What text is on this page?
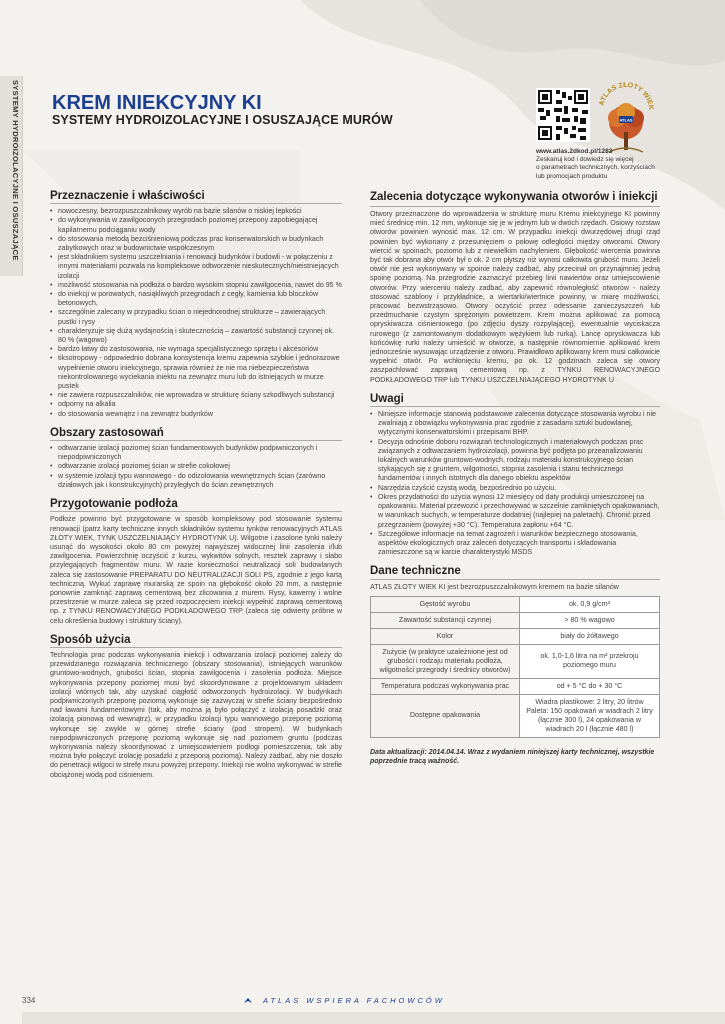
SYSTEMY HYDROIZOLACYJNE I OSUSZAJĄCE KREM INIEKCYJNY KI
SYSTEMY HYDROIZOLACYJNE I OSUSZAJĄCE MURÓW
ATLAS ZŁOTY WIEK
ATLAS
www.atlas.2dkod.pl/1283
Zeskanuj kod i dowiedz się więcej
o parametrach technicznych, korzyściach
lub promocjach produktu
Przeznaczenie i właściwości
• nowoczesny, bezrozpuszczalnikowy wyrób na bazie silanów o niskiej lepkości
• do wykonywania w zawilgoconych przegrodach poziomej przepony zapobiegającej kapilarnemu podciąganiu wody
• do stosowania metodą bezciśnieniową podczas prac konserwatorskich w budynkach zabytkowych oraz w budownictwie współczesnym
• jest składnikiem systemu uszczelniania i renowacji budynków i budowli - w połączeniu z innymi materiałami pozwala na kompleksowe odtworzenie nieskutecznych/nieistniejących izolacji
• możliwość stosowania na podłoża o bardzo wysokim stopniu zawilgocenia, nawet do 95 %
• do iniekcji w porowatych, nasiąkliwych przegrodach z cegły, kamienia lub bloczków betonowych,
• szczególnie zalecany w przypadku ścian o niejednorodnej strukturze – zawierających pustki i rysy
• charakteryzuje się dużą wydajnością i skutecznością – zawartość substancji czynnej ok. 80 % (wagowo)
• bardzo łatwy do zastosowania, nie wymaga specjalistycznego sprzętu i akcesoriów
• tiksotropowy - odpowiednio dobrana konsystencja kremu zapewnia szybkie i jednorazowe wypełnienie otworu iniekcyjnego, sprawia również że nie ma niebezpieczeństwa niekontrolowanego wyciekania iniektu na zewnątrz muru lub do istniejących w murze pustek
• nie zawiera rozpuszczalników, nie wprowadza w strukturę ściany szkodliwych substancji
• odporny na alkalia
• do stosowania wewnątrz i na zewnątrz budynków
Obszary zastosowań
• odtwarzanie izolacji poziomej ścian fundamentowych budynków podpiwniczonych i niepodpiwniczonych
• odtwarzanie izolacji poziomej ścian w strefie cokołowej
• w systemie izolacji typu wannowego - do odizolowania wewnętrznych ścian (zarówno działowych jak i konstrukcyjnych) przyległych do ścian zewnętrznych
Przygotowanie podłoża
Podłoże powinno być przygotowane w sposób kompleksowy pod stosowanie systemu renowacji (patrz karty techniczne innych składników systemu tynków renowacyjnych ATLAS ZŁOTY WIEK, TYNK USZCZELNIAJĄCY HYDROTYNK U). Wilgotne i zasolone tynki należy usunąć do wysokości około 80 cm powyżej najwyższej widocznej linii zasolenia i/lub zawilgocenia. Powierzchnię oczyścić z kurzu, wykwitów solnych, resztek zaprawy i słabo przylegających fragmentów muru. W razie konieczności neutralizacji soli budowlanych zaleca się zastosowanie PREPARATU DO NEUTRALIZACJI SOLI PS, zgodnie z jego kartą techniczną. Wykuć zaprawę murarską ze spoin na głębokość około 20 mm, a następnie ponownie zamknąć zaprawą cementową bez zlicowania z murem. Rysy, kawerny i wolne przestrzenie w murze zaleca się przed rozpoczęciem iniekcji wypełnić zaprawą cementową np. z TYNKU RENOWACYJNEGO PODKŁADOWEGO TRP (zaleca się odwierty próbne w celu określenia budowy i struktury ściany).
Sposób użycia
Technologia prac podczas wykonywania iniekcji i odtwarzania izolacji poziomej zależy do przewidzianego rozwiązania technicznego (obszary stosowania), istniejących warunków gruntowo-wodnych, grubości ścian, stopnia zawilgocenia i zasolenia podłoża. Miejsce wykonywania przepony poziomej musi być skoordynowane z projektowanym układem izolacji wtórnych tak, aby uzyskać ciągłość odtworzonych hydroizolacji. W budynkach podpiwniczonych przeponę poziomą wykonuje się zazwyczaj w strefie ściany bezpośrednio nad ławami fundamentowymi (tak, aby można ją było połączyć z izolacją posadzki oraz izolacją pionową od wewnątrz), w przypadku izolacji typu wannowego przeponę poziomą wykonuje się zwykle w górnej strefie ściany (pod stropem). W budynkach niepodpiwniczonych przeponę poziomą wykonuje się nad poziomem gruntu (podczas wykonywania należy skoordynować z umiejscowieniem podłogi pomieszczenia, tak aby można było połączyć izolację posadzki z przeponą poziomą). Należy zadbać, aby nie doszło do penetracji wilgoci w strefę muru powyżej przepony. Iniekcji nie wolno wykonywać w strefie obciążonej wodą pod ciśnieniem.
Zalecenia dotyczące wykonywania otworów i iniekcji
Otwory przeznaczone do wprowadzenia w strukturę muru Kremu iniekcyjnego KI powinny mieć średnicę min. 12 mm, wykonuje się je w jednym lub w dwóch rzędach. Osiowy rozstaw otworów powinien wynosić max. 12 cm. W przypadku iniekcji dwurzędowej drugi rząd powinien być wykonany z przesunięciem o połowę odległości między otworami. Otwory wiercić w spoinach, poziomo lub z niewielkim nachyleniem. Głębokość wiercenia powinna być tak dobrana aby otwór był o ok. 2 cm płytszy niż wynosi całkowita grubość muru. Jeżeli otwór nie jest wykonywany w spoinie należy zadbać, aby przecinał on przynajmniej jedną spoinę poziomą. Na przegrodzie zaznaczyć przebieg linii nawiertów oraz umiejscowienie otworów. Przy wierceniu należy zadbać, aby zapewnić równoległość otworów - należy stosować szablony i przykładnice, a wiertarki/wiertnice powinny, w miarę możliwości, pracować bezwstrząsowo. Otwory oczyścić przez odessanie zanieczyszczeń lub przedmuchanie czystym sprężonym powietrzem. Krem można aplikować za pomocą opryskiwacza ciśnieniowego (po zdjęciu dyszy rozpylającej), ewentualnie wyciskacza rurowego (z zamontowanym dodatkowym wężykiem lub rurką). Lancę opryskiwacza lub końcówkę rurki należy umieścić w otworze, a następnie równomiernie aplikować krem jednocześnie wysuwając urządzenie z otworu. Prawidłowo aplikowany krem musi całkowicie wypełnić otwór. Po wchłonięciu kremu, po ok. 12 godzinach zaleca się otwory zaszpachlować zaprawą cementową np. z TYNKU RENOWACYJNEGO PODKŁADOWEGO TRP lub TYNKU USZCZELNIAJĄCEGO HYDROTYNK U
Uwagi
• Niniejsze informacje stanowią podstawowe zalecenia dotyczące stosowania wyrobu i nie zwalniają z obowiązku wykonywania prac zgodnie z zasadami sztuki budowlanej, wytycznymi konserwatorskimi i przepisami BHP.
• Decyzja odnośnie doboru rozwiązań technologicznych i materiałowych podczas prac związanych z odtwarzaniem hydroizolacji, powinna być podjęta po przeanalizowaniu lokalnych warunków gruntowo-wodnych, rodzaju materiału konstrukcyjnego ścian stykających się z gruntem, wilgotności, stopnia zasolenia i stanu technicznego fundamentów i innych istotnych dla danego obiektu aspektów
• Narzędzia czyścić czystą wodą, bezpośrednio po użyciu.
• Okres przydatności do użycia wynosi 12 miesięcy od daty produkcji umieszczonej na opakowaniu. Materiał przewozić i przechowywać w szczelnie zamkniętych opakowaniach, w warunkach suchych, w temperaturze dodatniej (najlepiej na paletach). Chronić przed przegrzaniem (powyżej +30 °C). Temperatura zapłonu +64 °C.
• Szczegółowe informacje na temat zagrożeń i warunków bezpiecznego stosowania, aspektów ekologicznych oraz zaleceń dotyczących transportu i składowania zamieszczone są w karcie charakterystyki MSDS
Dane techniczne
ATLAS ZŁOTY WIEK KI jest bezrozpuszczalnikowym kremem na bazie silanów
Gęstość wyrobu	ok. 0,9 g/cm³
Zawartość substancji czynnej	> 80 % wagowo
Kolor	biały do żółtawego
Zużycie (w praktyce uzależnione jest od grubości i rodzaju materiału podłoża, wilgotności przegrody i średnicy otworów)	ok. 1,0-1,6 litra na m² przekroju poziomego muru
Temperatura podczas wykonywania prac	od + 5 °C do + 30 °C
Dostępne opakowania	Wiadra plastikowe: 2 litry, 20 litrów Paleta: 150 opakowań w wiadrach 2 litry (łącznie 300 l), 24 opakowania w wiadrach 20 l (łącznie 480 l)
Data aktualizacji: 2014.04.14. Wraz z wydaniem niniejszej karty technicznej, wszystkie poprzednie tracą ważność.
334	ATLAS WSPIERA FACHOWCÓW
